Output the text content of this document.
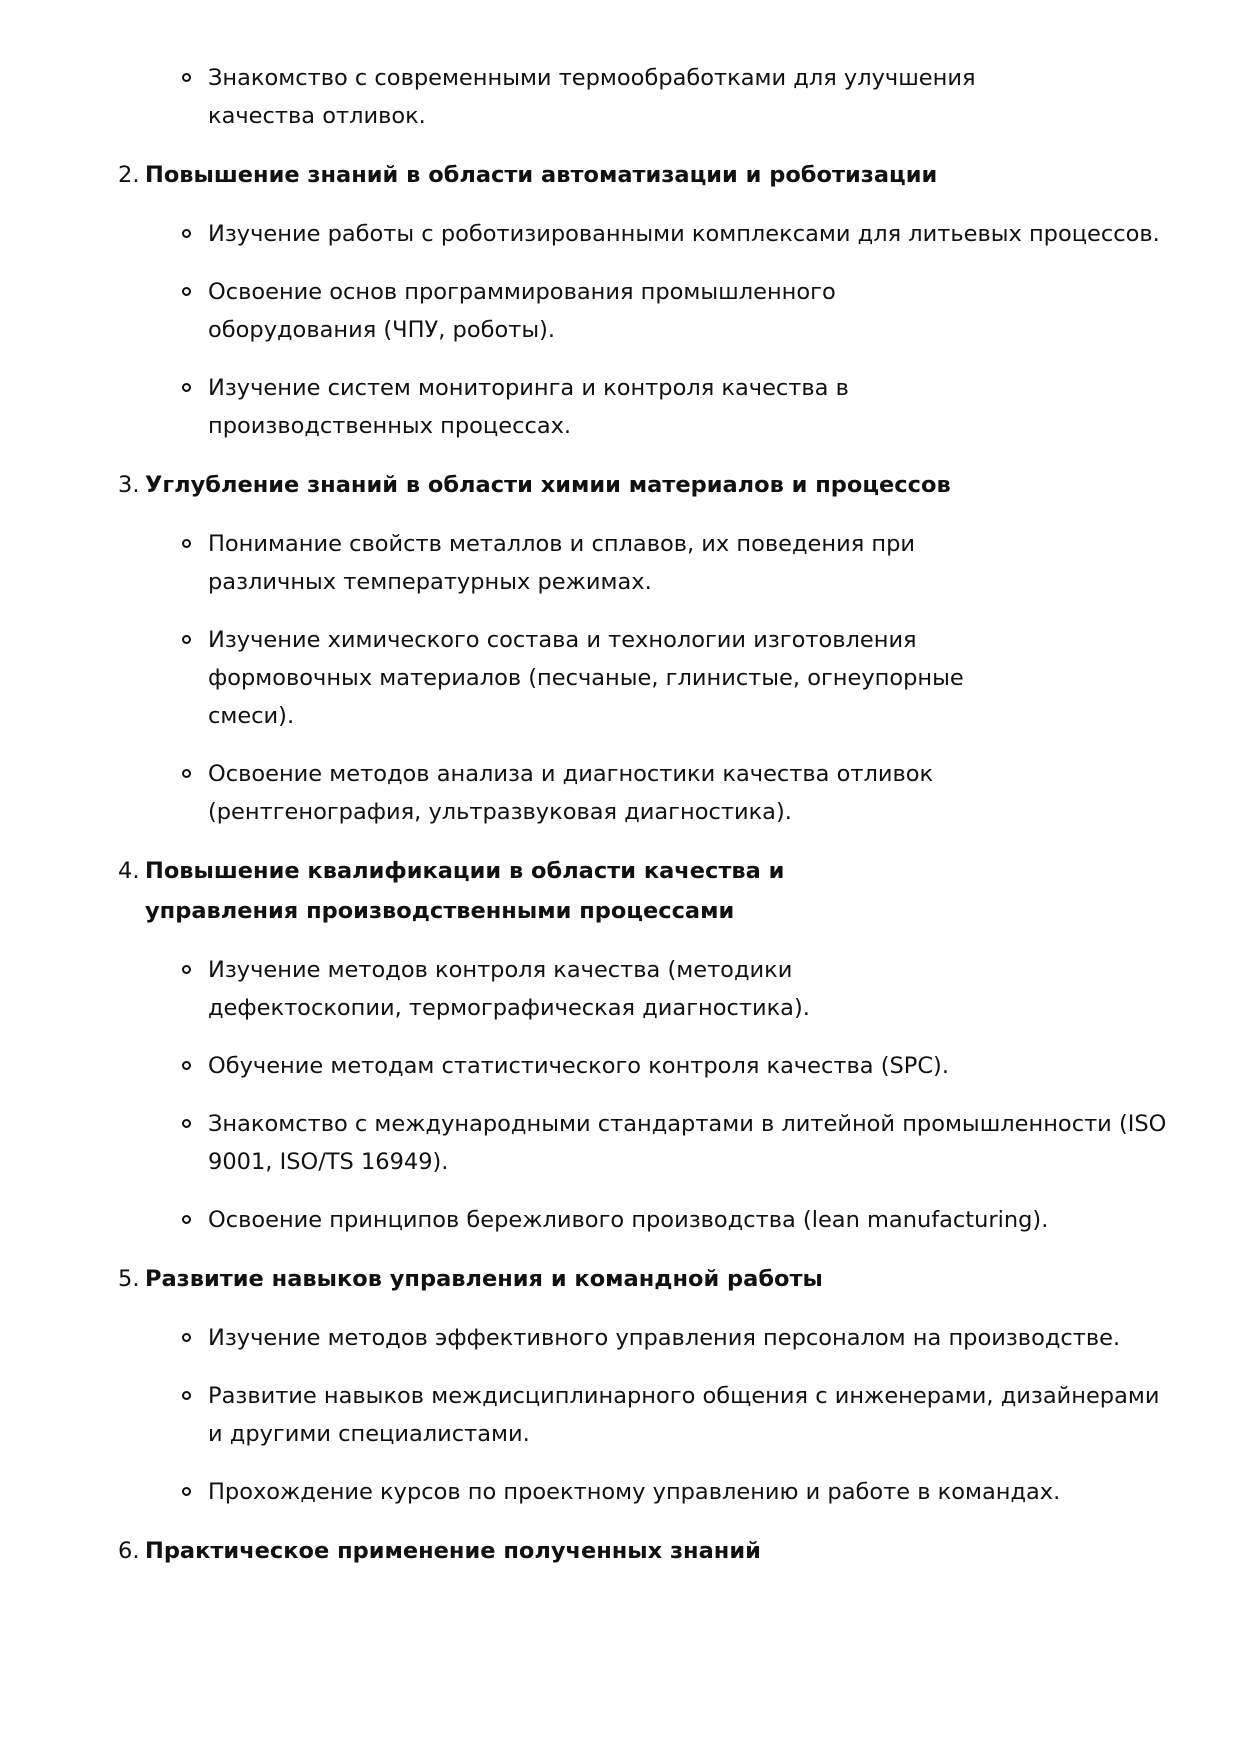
Знакомство с современными термообработками для улучшения качества отливок.
2. Повышение знаний в области автоматизации и роботизации
Изучение работы с роботизированными комплексами для литьевых процессов.
Освоение основ программирования промышленного оборудования (ЧПУ, роботы).
Изучение систем мониторинга и контроля качества в производственных процессах.
3. Углубление знаний в области химии материалов и процессов
Понимание свойств металлов и сплавов, их поведения при различных температурных режимах.
Изучение химического состава и технологии изготовления формовочных материалов (песчаные, глинистые, огнеупорные смеси).
Освоение методов анализа и диагностики качества отливок (рентгенография, ультразвуковая диагностика).
4. Повышение квалификации в области качества и управления производственными процессами
Изучение методов контроля качества (методики дефектоскопии, термографическая диагностика).
Обучение методам статистического контроля качества (SPC).
Знакомство с международными стандартами в литейной промышленности (ISO 9001, ISO/TS 16949).
Освоение принципов бережливого производства (lean manufacturing).
5. Развитие навыков управления и командной работы
Изучение методов эффективного управления персоналом на производстве.
Развитие навыков междисциплинарного общения с инженерами, дизайнерами и другими специалистами.
Прохождение курсов по проектному управлению и работе в командах.
6. Практическое применение полученных знаний
